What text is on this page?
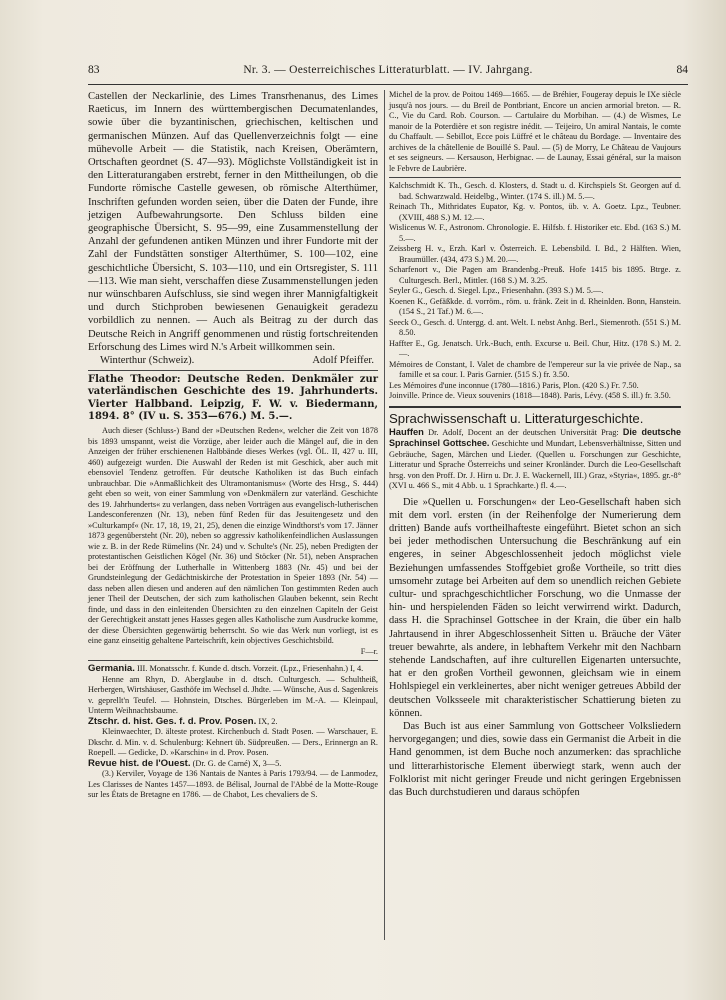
83	Nr. 3. — Oesterreichisches Litteraturblatt. — IV. Jahrgang.	84

Castellen der Neckarlinie, des Limes Transrhenanus, des Limes Raeticus, im Innern des württembergischen Decumatenlandes, sowie über die byzantinischen, griechischen, keltischen und germanischen Münzen. Auf das Quellenverzeichnis folgt — eine mühevolle Arbeit — die Statistik, nach Kreisen, Oberämtern, Ortschaften geordnet (S. 47—93). Möglichste Vollständigkeit ist in den Litteraturangaben erstrebt, ferner in den Mittheilungen, ob die Fundorte römische Castelle gewesen, ob römische Alterthümer, Inschriften gefunden worden seien, über die Daten der Funde, ihre jetzigen Aufbewahrungsorte. Den Schluss bilden eine geographische Übersicht, S. 95—99, eine Zusammenstellung der Anzahl der gefundenen antiken Münzen und ihrer Fundorte mit der Zahl der Fundstätten sonstiger Alterthümer, S. 100—102, eine geschichtliche Übersicht, S. 103—110, und ein Ortsregister, S. 111—113. Wie man sieht, verschaffen diese Zusammenstellungen jeden nur wünschbaren Aufschluss, sie sind wegen ihrer Mannigfaltigkeit und durch Stichproben bewiesenen Genauigkeit geradezu vorbildlich zu nennen. — Auch als Beitrag zu der durch das Deutsche Reich in Angriff genommenen und rüstig fortschreitenden Erforschung des Limes wird N.'s Arbeit willkommen sein.

Winterthur (Schweiz).	Adolf Pfeiffer.

Flathe Theodor: Deutsche Reden. Denkmäler zur vaterländischen Geschichte des 19. Jahrhunderts. Vierter Halbband. Leipzig, F. W. v. Biedermann, 1894. 8° (IV u. S. 353—676.) M. 5.—.

Auch dieser (Schluss-) Band der »Deutschen Reden«, welcher die Zeit von 1878 bis 1893 umspannt, weist die Vorzüge, aber leider auch die Mängel auf, die in den Anzeigen der früher erschienenen Halbbände dieses Werkes (vgl. ÖL. II, 427 u. III, 460) aufgezeigt wurden. Die Auswahl der Reden ist mit Geschick, aber auch mit ebensoviel Tendenz getroffen. Für deutsche Katholiken ist das Buch einfach unbrauchbar. Die »Anmaßlichkeit des Ultramontanismus« (Worte des Hrsg., S. 444) geht eben so weit, von einer Sammlung von »Denkmälern zur vaterländ. Geschichte des 19. Jahrhunderts« zu verlangen, dass neben Vorträgen aus evangelisch-lutherischen Landesconferenzen (Nr. 13), neben fünf Reden für das Jesuitengesetz und den »Culturkampf« (Nr. 17, 18, 19, 21, 25), denen die einzige Windthorst's vom 17. Jänner 1873 gegenübersteht (Nr. 20), neben so aggressiv katholikenfeindlichen Auslassungen wie z. B. in der Rede Rümelins (Nr. 24) und v. Schulte's (Nr. 25), neben Predigten der protestantischen Geistlichen Kögel (Nr. 36) und Stöcker (Nr. 51), neben Ansprachen bei der Eröffnung der Lutherhalle in Wittenberg 1883 (Nr. 45) und bei der Grundsteinlegung der Gedächtniskirche der Protestation in Speier 1893 (Nr. 54) — dass neben allen diesen und anderen auf den nämlichen Ton gestimmten Reden auch jener Theil der Deutschen, der sich zum katholischen Glauben bekennt, sein Recht finde, und dass in den einleitenden Übersichten zu den einzelnen Capiteln der Geist der Gerechtigkeit anstatt jenes Hasses gegen alles Katholische zum Ausdrucke komme, der diese Übersichten gegenwärtig beherrscht. So wie das Werk nun vorliegt, ist es eine ganz einseitig gehaltene Parteischrift, kein objectives Geschichtsbild.

F—r.

Germania. III. Monatsschr. f. Kunde d. dtsch. Vorzeit. (Lpz., Friesenhahn.) I, 4.

Henne am Rhyn, D. Aberglaube in d. dtsch. Culturgesch. — Schultheiß, Herbergen, Wirtshäuser, Gasthöfe im Wechsel d. Jhdte. — Wünsche, Aus d. Sagenkreis v. geprellt'n Teufel. — Hohnstein, Dtsches. Bürgerleben im M.-A. — Kleinpaul, Unterm Weihnachtsbaume.

Ztschr. d. hist. Ges. f. d. Prov. Posen. IX, 2.

Kleinwaechter, D. älteste protest. Kirchenbuch d. Stadt Posen. — Warschauer, E. Dkschr. d. Min. v. d. Schulenburg: Kehnert üb. Südpreußen. — Ders., Erinnergn an R. Roepell. — Gedicke, D. »Karschin« in d. Prov. Posen.

Revue hist. de l'Ouest. (Dr. G. de Carné) X, 3—5.

(3.) Kerviler, Voyage de 136 Nantais de Nantes à Paris 1793/94. — de Lanmodez, Les Clarisses de Nantes 1457—1893. de Bélisal, Journal de l'Abbé de la Motte-Rouge sur les États de Bretagne en 1786. — de Chabot, Les chevaliers de S.

Michel de la prov. de Poitou 1469—1665. — de Bréhier, Fougeray depuis le IXe siècle jusqu'à nos jours. — du Breil de Pontbriant, Encore un ancien armorial breton. — R. C., Vie du Card. Rob. Courson. — Cartulaire du Morbihan. — (4.) de Wismes, Le manoir de la Poterdière et son registre inédit. — Teijeiro, Un amiral Nantais, le comte du Chaffault. — Sebillot, Ecce pois Lüffré et le château du Bordage. — Inventaire des archives de la châtellenie de Bouillé S. Paul. — (5) de Morry, Le Château de Vaujours et ses seigneurs. — Kersauson, Herbignac. — de Launay, Essai général, sur la maison le Febvre de Laubrière.

Kalchschmidt K. Th., Gesch. d. Klosters, d. Stadt u. d. Kirchspiels St. Georgen auf d. bad. Schwarzwald. Heidelbg., Winter. (174 S. ill.) M. 5.—.

Reinach Th., Mithridates Eupator, Kg. v. Pontos, üb. v. A. Goetz. Lpz., Teubner. (XVIII, 488 S.) M. 12.—.

Wislicenus W. F., Astronom. Chronologie. E. Hilfsb. f. Historiker etc. Ebd. (163 S.) M. 5.—.

Zeissberg H. v., Erzh. Karl v. Österreich. E. Lebensbild. I. Bd., 2 Hälften. Wien, Braumüller. (434, 473 S.) M. 20.—.

Scharfenort v., Die Pagen am Brandenbg.-Preuß. Hofe 1415 bis 1895. Btrge. z. Culturgesch. Berl., Mittler. (168 S.) M. 3.25.

Seyler G., Gesch. d. Siegel. Lpz., Friesenhahn. (393 S.) M. 5.—.

Koenen K., Gefäßkde. d. vorröm., röm. u. fränk. Zeit in d. Rheinlden. Bonn, Hanstein. (154 S., 21 Taf.) M. 6.—.

Seeck O., Gesch. d. Untergg. d. ant. Welt. I. nebst Anhg. Berl., Siemenroth. (551 S.) M. 8.50.

Haffter E., Gg. Jenatsch. Urk.-Buch, enth. Excurse u. Beil. Chur, Hitz. (178 S.) M. 2.—.

Mémoires de Constant, I. Valet de chambre de l'empereur sur la vie privée de Nap., sa famille et sa cour. I. Paris Garnier. (515 S.) fr. 3.50.

Les Mémoires d'une inconnue (1780—1816.) Paris, Plon. (420 S.) Fr. 7.50.

Joinville. Prince de. Vieux souvenirs (1818—1848). Paris, Lévy. (458 S. ill.) fr. 3.50.

Sprachwissenschaft u. Litteraturgeschichte.

Hauffen Dr. Adolf, Docent an der deutschen Universität Prag: Die deutsche Sprachinsel Gottschee. Geschichte und Mundart, Lebensverhältnisse, Sitten und Gebräuche, Sagen, Märchen und Lieder. (Quellen u. Forschungen zur Geschichte, Litteratur und Sprache Österreichs und seiner Kronländer. Durch die Leo-Gesellschaft hrsg. von den Proff. Dr. J. Hirn u. Dr. J. E. Wackernell, III.) Graz, »Styria«, 1895. gr.-8° (XVI u. 466 S., mit 4 Abb. u. 1 Sprachkarte.) fl. 4.—.

Die »Quellen u. Forschungen« der Leo-Gesellschaft haben sich mit dem vorl. ersten (in der Reihenfolge der Numerierung dem dritten) Bande aufs vortheilhafteste eingeführt. Bietet schon an sich bei jeder methodischen Untersuchung die Beschränkung auf ein engeres, in seiner Abgeschlossenheit jedoch möglichst viele Beziehungen umfassendes Stoffgebiet große Vortheile, so tritt dies umsomehr zutage bei Arbeiten auf dem so unendlich reichen Gebiete cultur- und sprachgeschichtlicher Forschung, wo die Unmasse der hin- und herspielenden Fäden so leicht verwirrend wirkt. Dadurch, dass H. die Sprachinsel Gottschee in der Krain, die über ein halb Jahrtausend in ihrer Abgeschlossenheit Sitten u. Bräuche der Väter treuer bewahrte, als andere, in lebhaftem Verkehr mit den Nachbarn stehende Landschaften, auf ihre culturellen Eigenarten untersuchte, hat er den großen Vortheil gewonnen, gleichsam wie in einem Hohlspiegel ein verkleinertes, aber nicht weniger getreues Abbild der deutschen Volksseele mit charakteristischer Schattierung bieten zu können.

Das Buch ist aus einer Sammlung von Gottscheer Volksliedern hervorgegangen; und dies, sowie dass ein Germanist die Arbeit in die Hand genommen, ist dem Buche noch anzumerken: das sprachliche und litterarhistorische Element überwiegt stark, wenn auch der Folklorist mit nicht geringer Freude und nicht geringen Ergebnissen das Buch durchstudieren und daraus schöpfen
